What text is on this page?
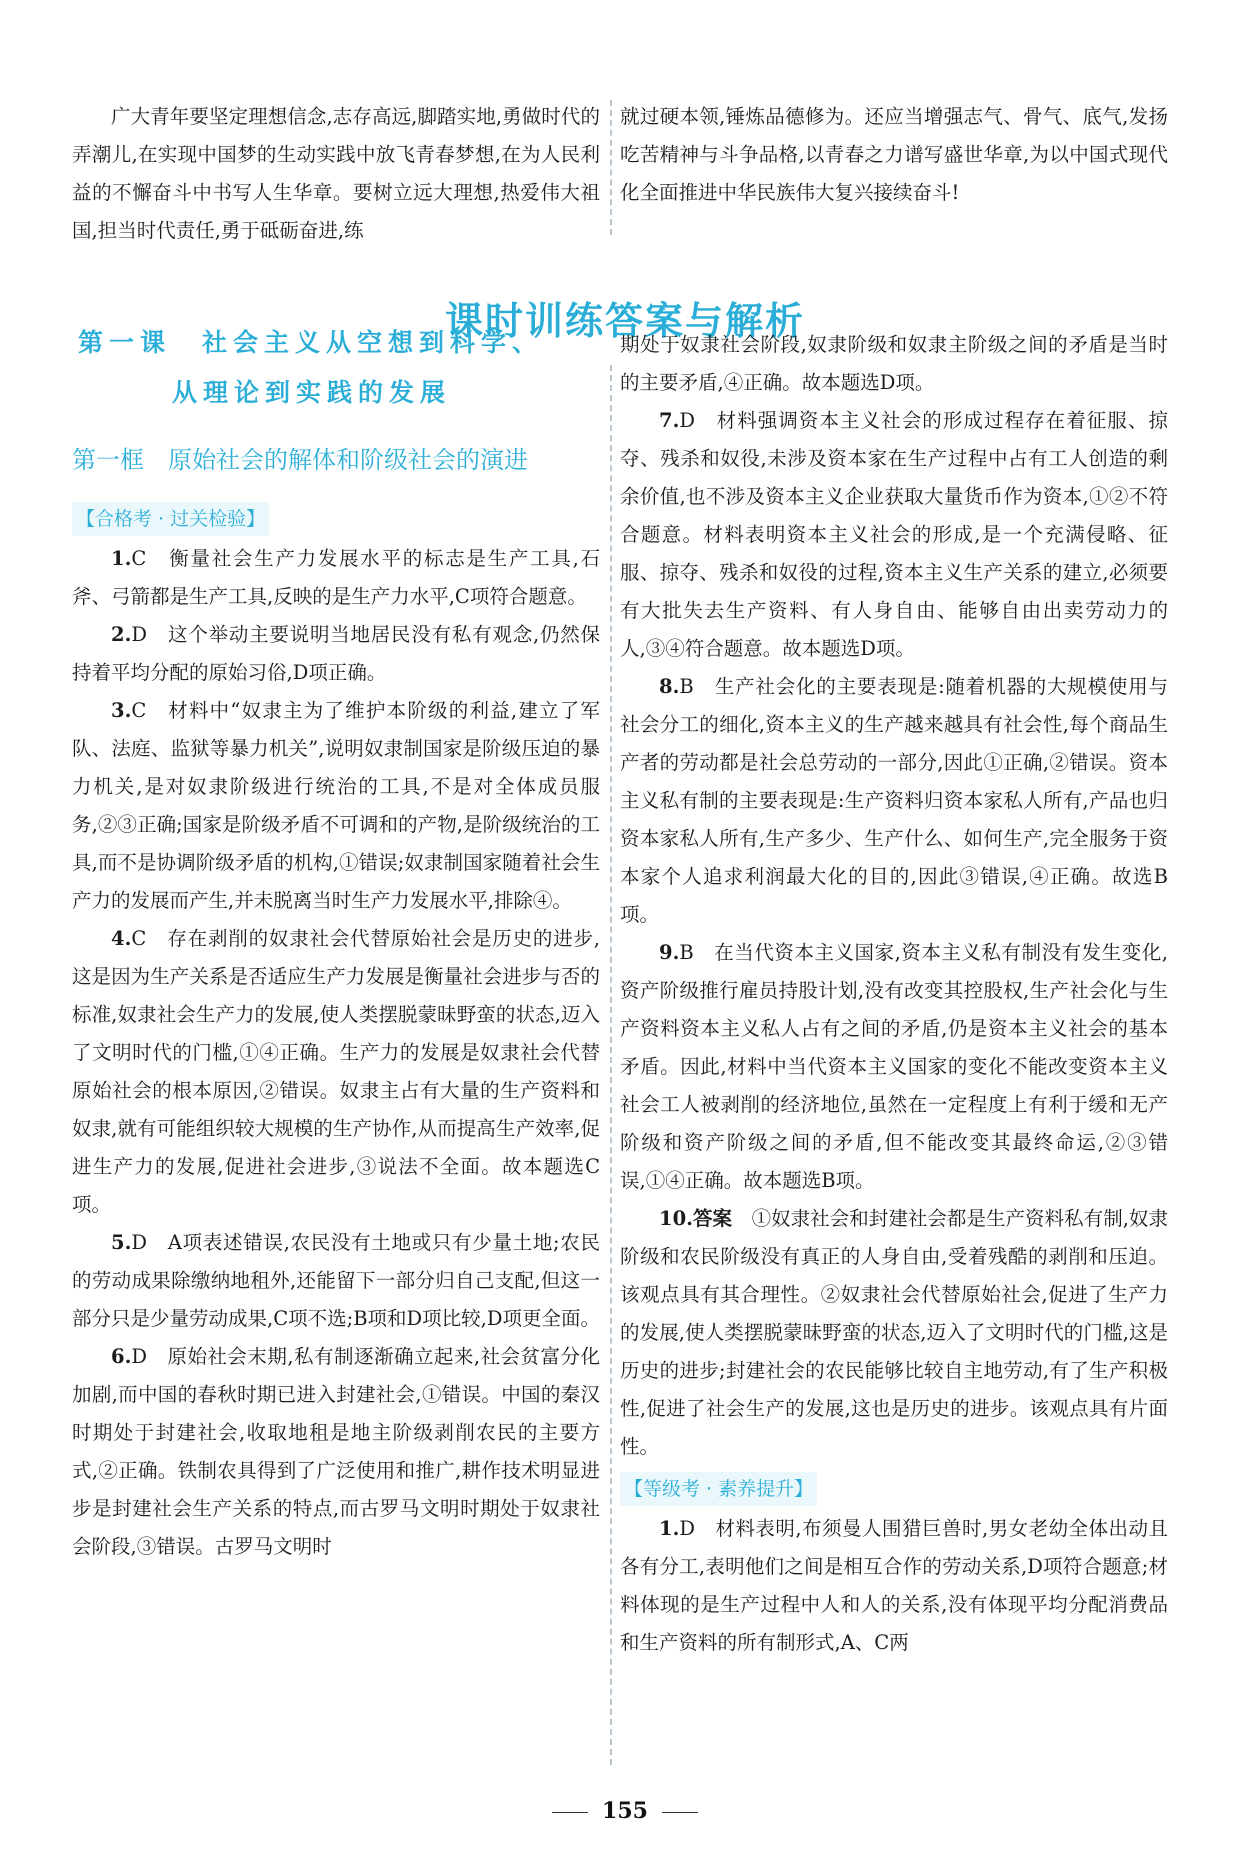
广大青年要坚定理想信念,志存高远,脚踏实地,勇做时代的弄潮儿,在实现中国梦的生动实践中放飞青春梦想,在为人民利益的不懈奋斗中书写人生华章。要树立远大理想,热爱伟大祖国,担当时代责任,勇于砥砺奋进,练

就过硬本领,锤炼品德修为。还应当增强志气、骨气、底气,发扬吃苦精神与斗争品格,以青春之力谱写盛世华章,为以中国式现代化全面推进中华民族伟大复兴接续奋斗!

课时训练答案与解析
第一课　社会主义从空想到科学、
从理论到实践的发展
第一框　原始社会的解体和阶级社会的演进
【合格考 · 过关检验】

1.C　衡量社会生产力发展水平的标志是生产工具,石斧、弓箭都是生产工具,反映的是生产力水平,C项符合题意。

2.D　这个举动主要说明当地居民没有私有观念,仍然保持着平均分配的原始习俗,D项正确。

3.C　材料中“奴隶主为了维护本阶级的利益,建立了军队、法庭、监狱等暴力机关”,说明奴隶制国家是阶级压迫的暴力机关,是对奴隶阶级进行统治的工具,不是对全体成员服务,②③正确;国家是阶级矛盾不可调和的产物,是阶级统治的工具,而不是协调阶级矛盾的机构,①错误;奴隶制国家随着社会生产力的发展而产生,并未脱离当时生产力发展水平,排除④。

4.C　存在剥削的奴隶社会代替原始社会是历史的进步,这是因为生产关系是否适应生产力发展是衡量社会进步与否的标准,奴隶社会生产力的发展,使人类摆脱蒙昧野蛮的状态,迈入了文明时代的门槛,①④正确。生产力的发展是奴隶社会代替原始社会的根本原因,②错误。奴隶主占有大量的生产资料和奴隶,就有可能组织较大规模的生产协作,从而提高生产效率,促进生产力的发展,促进社会进步,③说法不全面。故本题选C项。

5.D　A项表述错误,农民没有土地或只有少量土地;农民的劳动成果除缴纳地租外,还能留下一部分归自己支配,但这一部分只是少量劳动成果,C项不选;B项和D项比较,D项更全面。

6.D　原始社会末期,私有制逐渐确立起来,社会贫富分化加剧,而中国的春秋时期已进入封建社会,①错误。中国的秦汉时期处于封建社会,收取地租是地主阶级剥削农民的主要方式,②正确。铁制农具得到了广泛使用和推广,耕作技术明显进步是封建社会生产关系的特点,而古罗马文明时期处于奴隶社会阶段,③错误。古罗马文明时

期处于奴隶社会阶段,奴隶阶级和奴隶主阶级之间的矛盾是当时的主要矛盾,④正确。故本题选D项。

7.D　材料强调资本主义社会的形成过程存在着征服、掠夺、残杀和奴役,未涉及资本家在生产过程中占有工人创造的剩余价值,也不涉及资本主义企业获取大量货币作为资本,①②不符合题意。材料表明资本主义社会的形成,是一个充满侵略、征服、掠夺、残杀和奴役的过程,资本主义生产关系的建立,必须要有大批失去生产资料、有人身自由、能够自由出卖劳动力的人,③④符合题意。故本题选D项。

8.B　生产社会化的主要表现是:随着机器的大规模使用与社会分工的细化,资本主义的生产越来越具有社会性,每个商品生产者的劳动都是社会总劳动的一部分,因此①正确,②错误。资本主义私有制的主要表现是:生产资料归资本家私人所有,产品也归资本家私人所有,生产多少、生产什么、如何生产,完全服务于资本家个人追求利润最大化的目的,因此③错误,④正确。故选B项。

9.B　在当代资本主义国家,资本主义私有制没有发生变化,资产阶级推行雇员持股计划,没有改变其控股权,生产社会化与生产资料资本主义私人占有之间的矛盾,仍是资本主义社会的基本矛盾。因此,材料中当代资本主义国家的变化不能改变资本主义社会工人被剥削的经济地位,虽然在一定程度上有利于缓和无产阶级和资产阶级之间的矛盾,但不能改变其最终命运,②③错误,①④正确。故本题选B项。

10.答案　①奴隶社会和封建社会都是生产资料私有制,奴隶阶级和农民阶级没有真正的人身自由,受着残酷的剥削和压迫。该观点具有其合理性。②奴隶社会代替原始社会,促进了生产力的发展,使人类摆脱蒙昧野蛮的状态,迈入了文明时代的门槛,这是历史的进步;封建社会的农民能够比较自主地劳动,有了生产积极性,促进了社会生产的发展,这也是历史的进步。该观点具有片面性。

【等级考 · 素养提升】

1.D　材料表明,布须曼人围猎巨兽时,男女老幼全体出动且各有分工,表明他们之间是相互合作的劳动关系,D项符合题意;材料体现的是生产过程中人和人的关系,没有体现平均分配消费品和生产资料的所有制形式,A、C两

155
